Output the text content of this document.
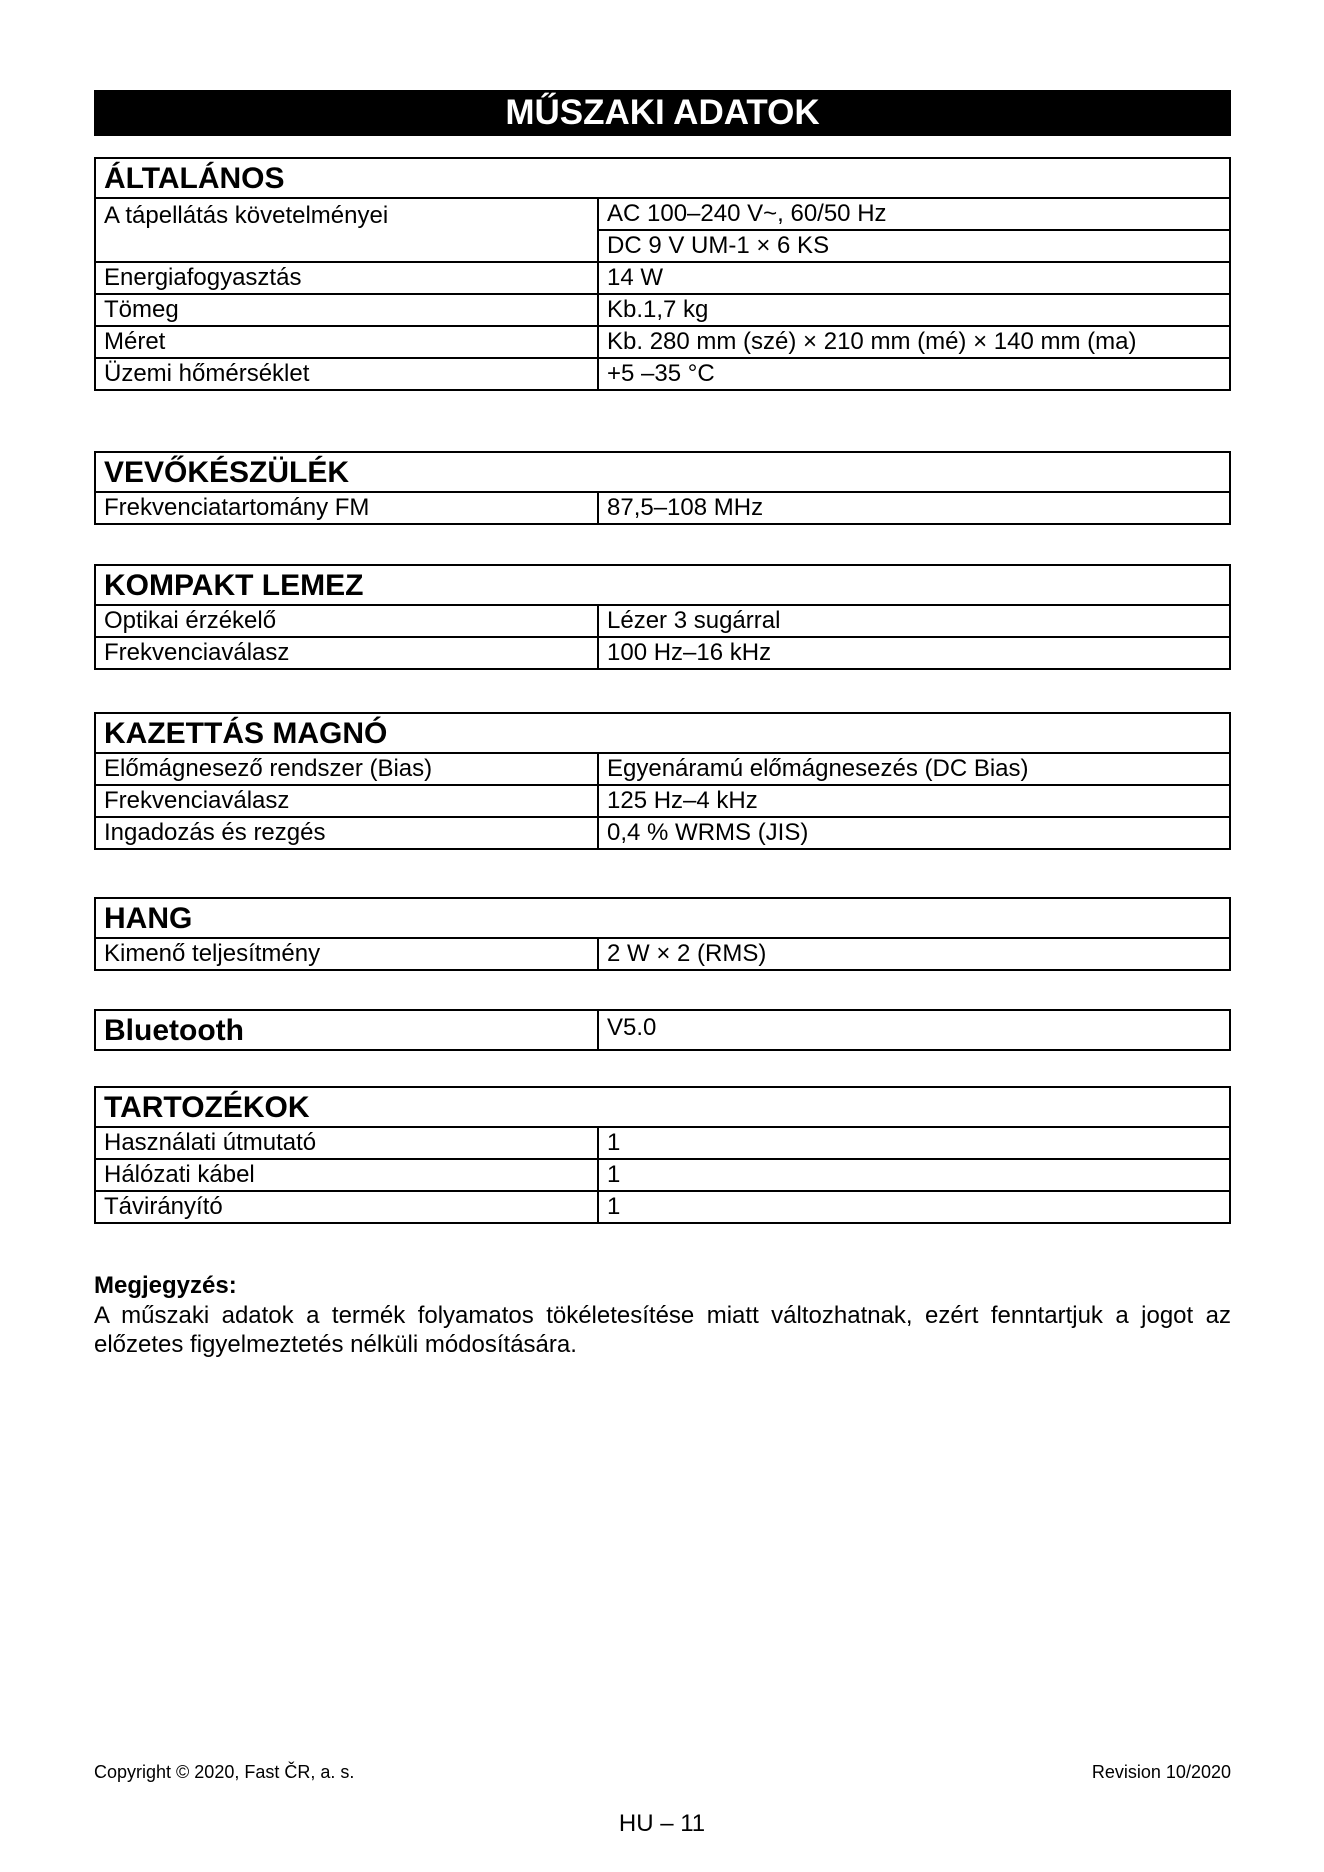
MŰSZAKI ADATOK
ÁLTALÁNOS	
A tápellátás követelményei	AC 100–240 V~, 60/50 Hz
	DC 9 V UM-1 × 6 KS
Energiafogyasztás	14 W
Tömeg	Kb.1,7 kg
Méret	Kb. 280 mm (szé) × 210 mm (mé) × 140 mm (ma)
Üzemi hőmérséklet	+5 –35 °C
VEVŐKÉSZÜLÉK
Frekvenciatartomány FM	87,5–108 MHz
KOMPAKT LEMEZ	
Optikai érzékelő	Lézer 3 sugárral
Frekvenciaválasz	100 Hz–16 kHz
KAZETTÁS MAGNÓ	
Előmágnesező rendszer (Bias)	Egyenáramú előmágnesezés (DC Bias)
Frekvenciaválasz	125 Hz–4 kHz
Ingadozás és rezgés	0,4 % WRMS (JIS)
HANG
Kimenő teljesítmény	2 W × 2 (RMS)
Bluetooth	V5.0
TARTOZÉKOK	
Használati útmutató	1
Hálózati kábel	1
Távirányító	1
Megjegyzés:
A műszaki adatok a termék folyamatos tökéletesítése miatt változhatnak, ezért fenntartjuk a jogot az előzetes figyelmeztetés nélküli módosítására.
Copyright © 2020, Fast ČR, a. s.	Revision 10/2020
HU – 11
